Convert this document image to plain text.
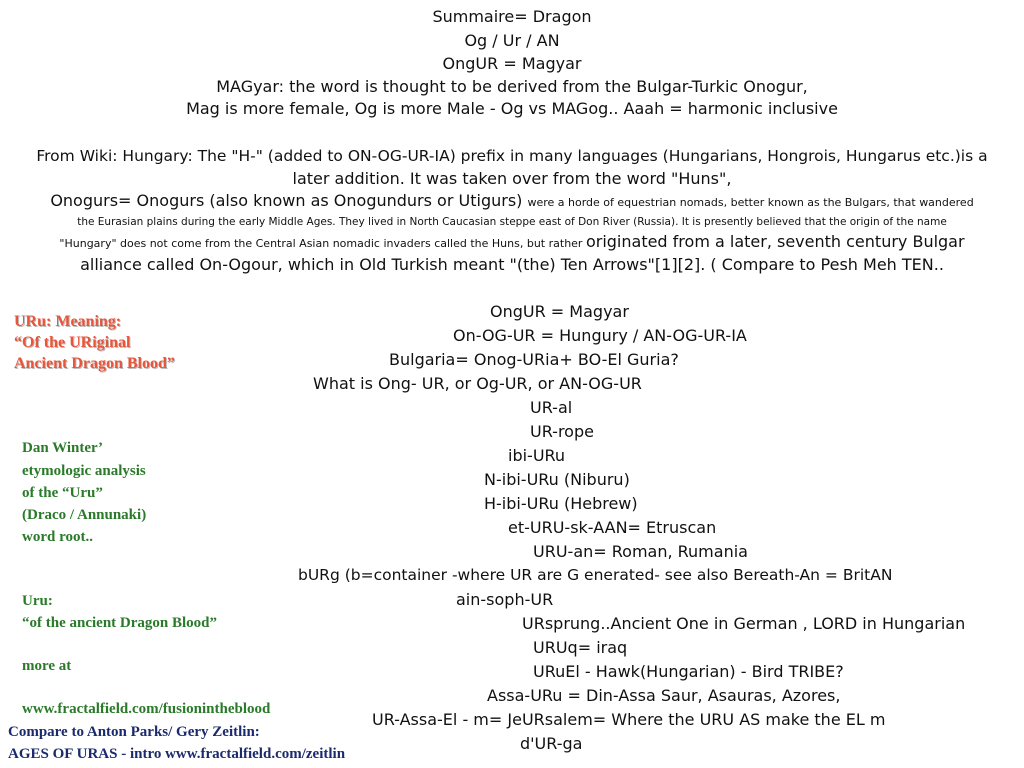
Summaire= Dragon
Og / Ur / AN
OngUR = Magyar
MAGyar: the word is thought to be derived from the Bulgar-Turkic Onogur,
Mag is more female, Og is more Male - Og vs MAGog.. Aaah = harmonic inclusive
From Wiki: Hungary: The "H-" (added to ON-OG-UR-IA) prefix in many languages (Hungarians, Hongrois, Hungarus etc.)is a
later addition. It was taken over from the word "Huns",
Onogurs= Onogurs (also known as Onogundurs or Utigurs) were a horde of equestrian nomads, better known as the Bulgars, that wandered
the Eurasian plains during the early Middle Ages. They lived in North Caucasian steppe east of Don River (Russia). It is presently believed that the origin of the name
"Hungary" does not come from the Central Asian nomadic invaders called the Huns, but rather originated from a later, seventh century Bulgar
alliance called On-Ogour, which in Old Turkish meant "(the) Ten Arrows"[1][2]. ( Compare to Pesh Meh TEN..
OngUR = Magyar
On-OG-UR = Hungury / AN-OG-UR-IA
Bulgaria= Onog-URia+ BO-El Guria?
What is Ong- UR, or Og-UR, or AN-OG-UR
UR-al
UR-rope
ibi-URu
N-ibi-URu (Niburu)
H-ibi-URu (Hebrew)
et-URU-sk-AAN= Etruscan
URU-an= Roman, Rumania
bURg (b=container -where UR are G enerated- see also Bereath-An = BritAN
ain-soph-UR
URsprung..Ancient One in German , LORD in Hungarian
URUq= iraq
URuEl - Hawk(Hungarian) - Bird TRIBE?
Assa-URu = Din-Assa Saur, Asauras, Azores,
UR-Assa-El - m= JeURsalem= Where the URU AS make the EL m
d'UR-ga
URu: Meaning:
“Of the URiginal
Ancient Dragon Blood”
Dan Winter’
etymologic analysis
of the “Uru”
(Draco / Annunaki)
word root..
Uru:
“of the ancient Dragon Blood”
more at
www.fractalfield.com/fusionintheblood
Compare to Anton Parks/ Gery Zeitlin:
AGES OF URAS - intro www.fractalfield.com/zeitlin
